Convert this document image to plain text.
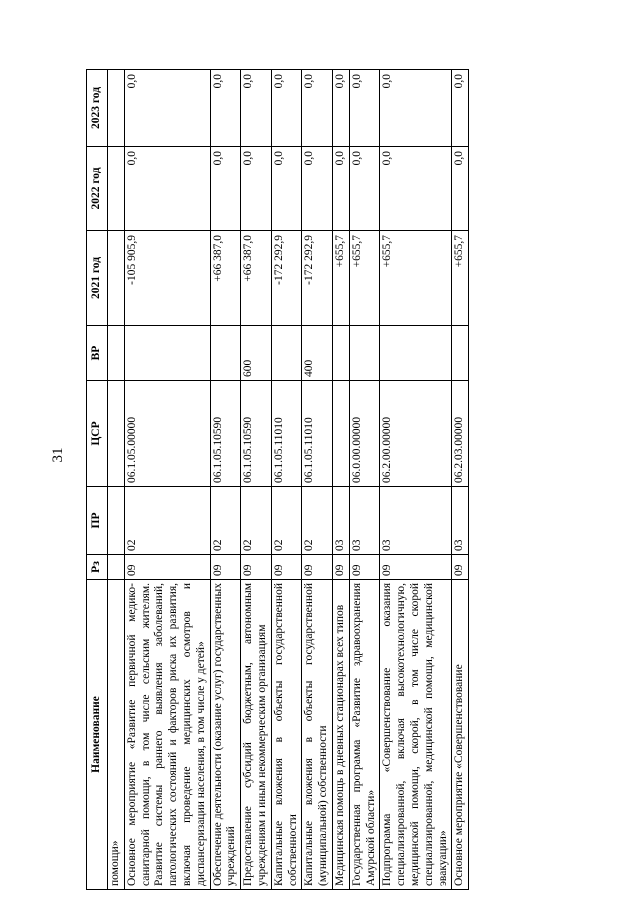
31
Наименование	Рз	ПР	ЦСР	ВР	2021 год	2022 год	2023 год
помощи»							
Основное мероприятие «Развитие первичной медико-санитарной помощи, в том числе сельским жителям. Развитие системы раннего выявления заболеваний, патологических состояний и факторов риска их развития, включая проведение медицинских осмотров и диспансеризации населения, в том числе у детей»	09	02	06.1.05.00000		-105 905,9	0,0	0,0
Обеспечение деятельности (оказание услуг) государственных учреждений	09	02	06.1.05.10590		+66 387,0	0,0	0,0
Предоставление субсидий бюджетным, автономным учреждениям и иным некоммерческим организациям	09	02	06.1.05.10590	600	+66 387,0	0,0	0,0
Капитальные вложения в объекты государственной собственности	09	02	06.1.05.11010		-172 292,9	0,0	0,0
Капитальные вложения в объекты государственной (муниципальной) собственности	09	02	06.1.05.11010	400	-172 292,9	0,0	0,0
Медицинская помощь в дневных стационарах всех типов	09	03			+655,7	0,0	0,0
Государственная программа «Развитие здравоохранения Амурской области»	09	03	06.0.00.00000		+655,7	0,0	0,0
Подпрограмма «Совершенствование оказания специализированной, включая высокотехнологичную, медицинской помощи, скорой, в том числе скорой специализированной, медицинской помощи, медицинской эвакуации»	09	03	06.2.00.00000		+655,7	0,0	0,0
Основное мероприятие «Совершенствование	09	03	06.2.03.00000		+655,7	0,0	0,0
